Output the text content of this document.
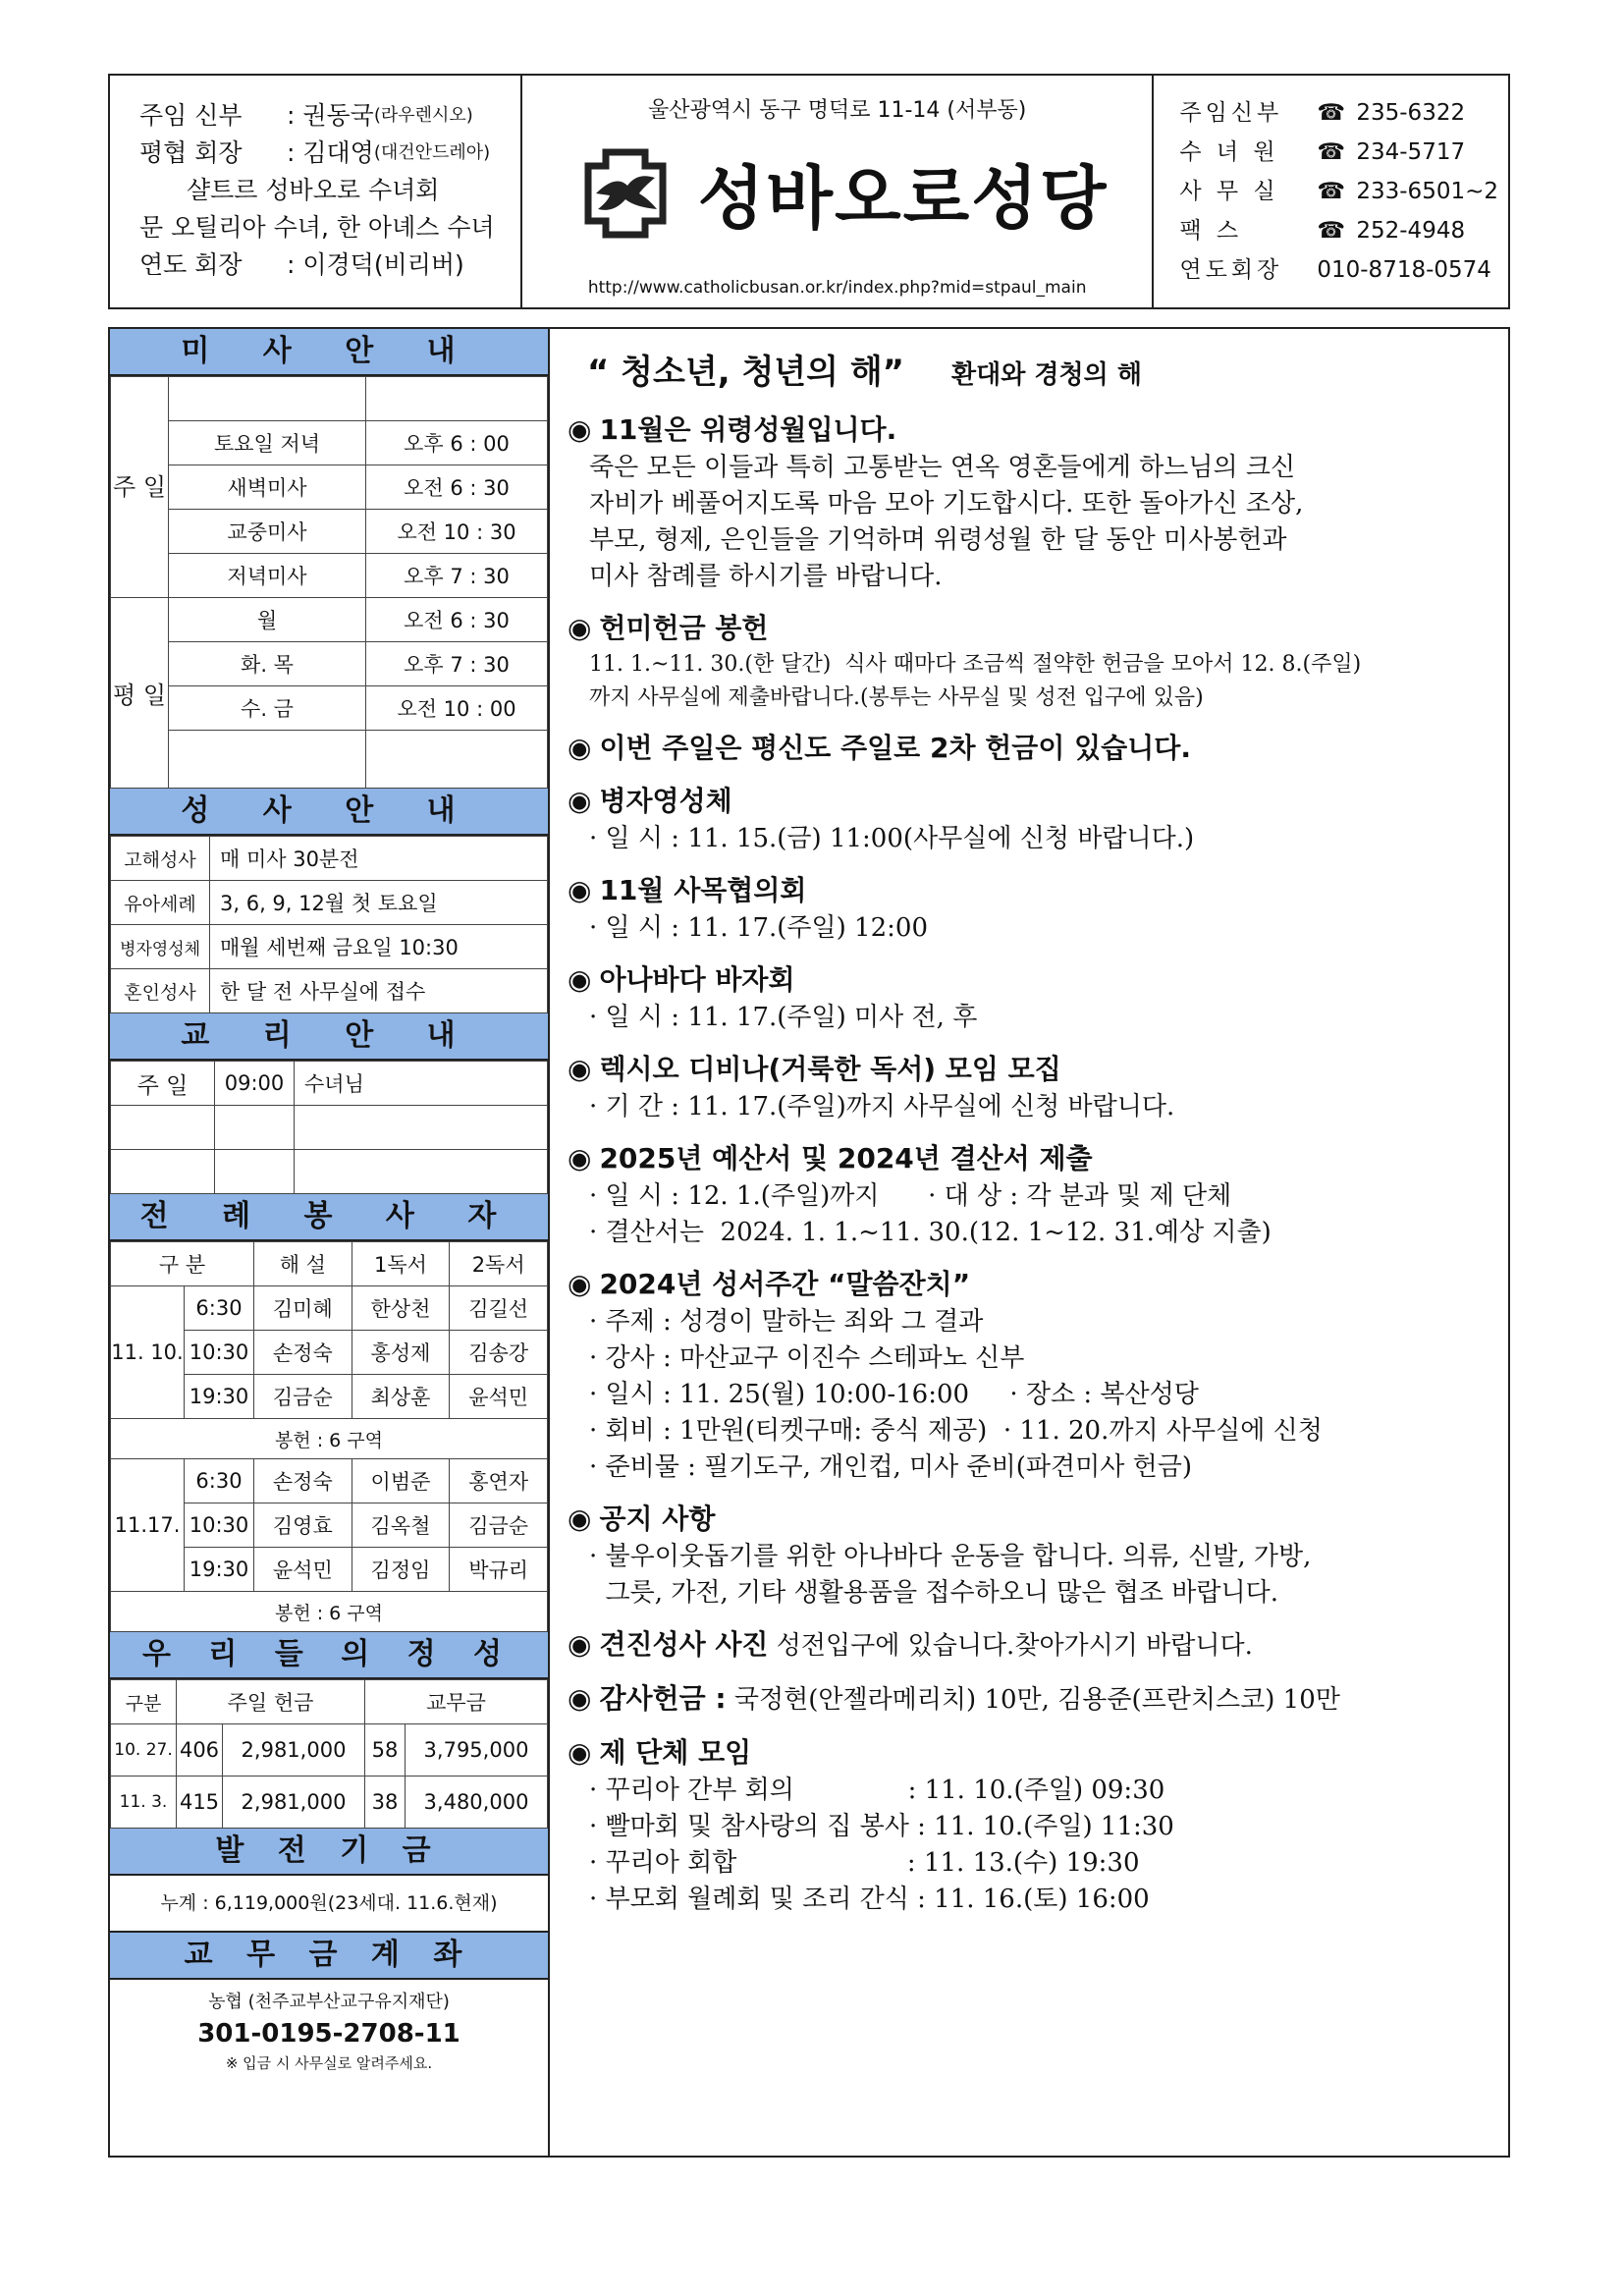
주임 신부	: 권동국 (라우렌시오)
평협 회장	: 김대영 (대건안드레아)
샬트르 성바오로 수녀회
문 오틸리아 수녀, 한 아녜스 수녀
연도 회장	: 이경덕(비리버)
울산광역시 동구 명덕로 11-14 (서부동)
성바오로성당
http://www.catholicbusan.or.kr/index.php?mid=stpaul_main
주임신부	☎ 235-6322
수 녀 원	☎ 234-5717
사 무 실	☎ 233-6501~2
팩 스	☎ 252-4948
연도회장	010-8718-0574
미 사 안 내
주 일		
	토요일 저녁	오후 6 : 00
	새벽미사	오전 6 : 30
	교중미사	오전 10 : 30
	저녁미사	오후 7 : 30
평 일	월	오전 6 : 30
	화. 목	오후 7 : 30
	수. 금	오전 10 : 00

성 사 안 내
고해성사	매 미사 30분전
유아세례	3, 6, 9, 12월 첫 토요일
병자영성체	매월 세번째 금요일 10:30
혼인성사	한 달 전 사무실에 접수
교 리 안 내
주 일	09:00	수녀님

전 례 봉 사 자
구 분		해 설	1독서	2독서
11. 10.	6:30	김미혜	한상천	김길선
	10:30	손정숙	홍성제	김송강
	19:30	김금순	최상훈	윤석민
봉헌 : 6 구역				
11.17.	6:30	손정숙	이범준	홍연자
	10:30	김영효	김옥철	김금순
	19:30	윤석민	김정임	박규리
봉헌 : 6 구역				
우 리 들 의 정 성
구분	주일 헌금		교무금	
10. 27.	406	2,981,000	58	3,795,000
11. 3.	415	2,981,000	38	3,480,000
발 전 기 금
누계 : 6,119,000원(23세대. 11.6.현재)
교 무 금 계 좌
농협 (천주교부산교구유지재단)
301-0195-2708-11
※ 입금 시 사무실로 알려주세요.
“ 청소년, 청년의 해” 환대와 경청의 해
◉ 11월은 위령성월입니다.
죽은 모든 이들과 특히 고통받는 연옥 영혼들에게 하느님의 크신
자비가 베풀어지도록 마음 모아 기도합시다. 또한 돌아가신 조상,
부모, 형제, 은인들을 기억하며 위령성월 한 달 동안 미사봉헌과
미사 참례를 하시기를 바랍니다.
◉ 헌미헌금 봉헌
11. 1.~11. 30.(한 달간)  식사 때마다 조금씩 절약한 헌금을 모아서 12. 8.(주일)
까지 사무실에 제출바랍니다.(봉투는 사무실 및 성전 입구에 있음)
◉ 이번 주일은 평신도 주일로 2차 헌금이 있습니다.
◉ 병자영성체
· 일 시 : 11. 15.(금) 11:00(사무실에 신청 바랍니다.)
◉ 11월 사목협의회
· 일 시 : 11. 17.(주일) 12:00
◉ 아나바다 바자회
· 일 시 : 11. 17.(주일) 미사 전, 후
◉ 렉시오 디비나(거룩한 독서) 모임 모집
· 기 간 : 11. 17.(주일)까지 사무실에 신청 바랍니다.
◉ 2025년 예산서 및 2024년 결산서 제출
· 일 시 : 12. 1.(주일)까지      · 대 상 : 각 분과 및 제 단체
· 결산서는  2024. 1. 1.~11. 30.(12. 1~12. 31.예상 지출)
◉ 2024년 성서주간 “말씀잔치”
· 주제 : 성경이 말하는 죄와 그 결과
· 강사 : 마산교구 이진수 스테파노 신부
· 일시 : 11. 25(월) 10:00-16:00     · 장소 : 복산성당
· 회비 : 1만원(티켓구매: 중식 제공)  · 11. 20.까지 사무실에 신청
· 준비물 : 필기도구, 개인컵, 미사 준비(파견미사 헌금)
◉ 공지 사항
· 불우이웃돕기를 위한 아나바다 운동을 합니다. 의류, 신발, 가방,
그릇, 가전, 기타 생활용품을 접수하오니 많은 협조 바랍니다.
◉ 견진성사 사진 성전입구에 있습니다.찾아가시기 바랍니다.
◉ 감사헌금 : 국정현(안젤라메리치) 10만, 김용준(프란치스코) 10만
◉ 제 단체 모임
· 꾸리아 간부 회의              : 11. 10.(주일) 09:30
· 빨마회 및 참사랑의 집 봉사 : 11. 10.(주일) 11:30
· 꾸리아 회합                     : 11. 13.(수) 19:30
· 부모회 월례회 및 조리 간식 : 11. 16.(토) 16:00
